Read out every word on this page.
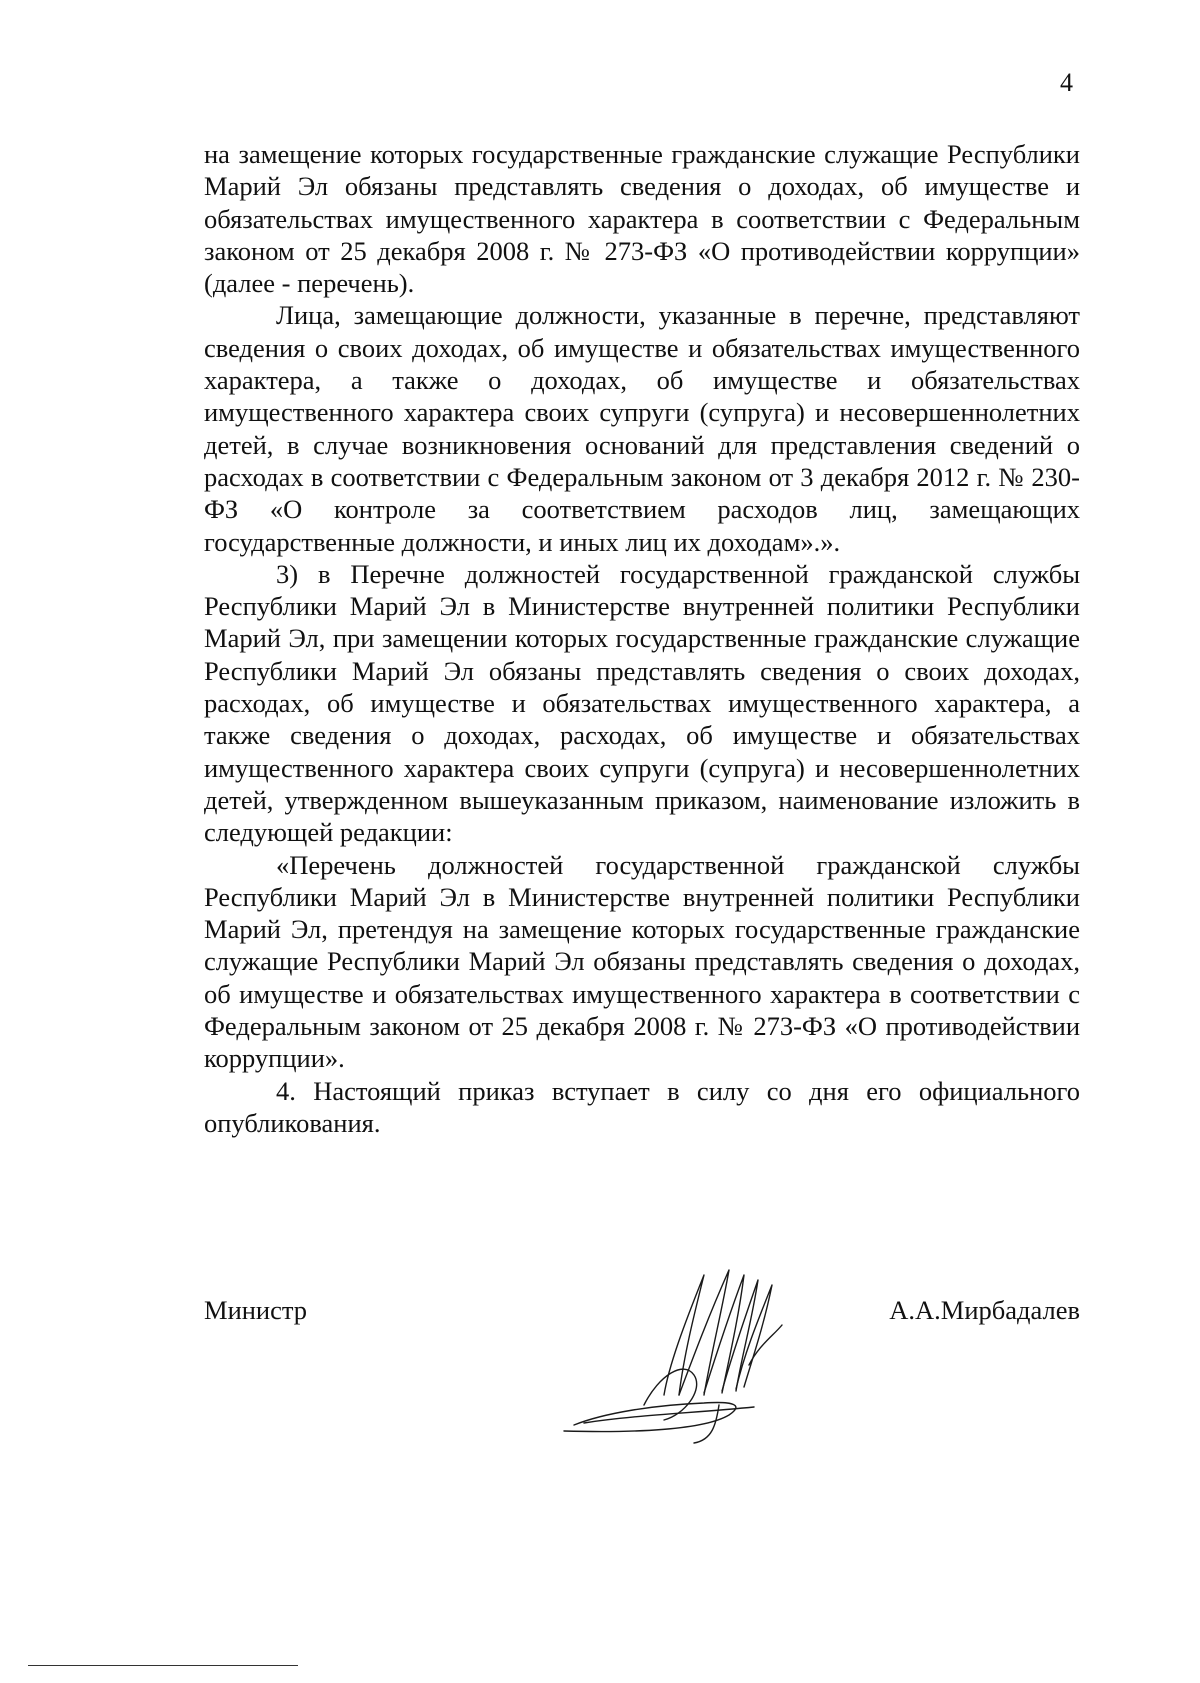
4

на замещение которых государственные гражданские служащие Республики Марий Эл обязаны представлять сведения о доходах, об имуществе и обязательствах имущественного характера в соответствии с Федеральным законом от 25 декабря 2008 г. № 273-ФЗ «О противодействии коррупции» (далее - перечень).

Лица, замещающие должности, указанные в перечне, представляют сведения о своих доходах, об имуществе и обязательствах имущественного характера, а также о доходах, об имуществе и обязательствах имущественного характера своих супруги (супруга) и несовершеннолетних детей, в случае возникновения оснований для представления сведений о расходах в соответствии с Федеральным законом от 3 декабря 2012 г. № 230-ФЗ «О контроле за соответствием расходов лиц, замещающих государственные должности, и иных лиц их доходам».».

3) в Перечне должностей государственной гражданской службы Республики Марий Эл в Министерстве внутренней политики Республики Марий Эл, при замещении которых государственные гражданские служащие Республики Марий Эл обязаны представлять сведения о своих доходах, расходах, об имуществе и обязательствах имущественного характера, а также сведения о доходах, расходах, об имуществе и обязательствах имущественного характера своих супруги (супруга) и несовершеннолетних детей, утвержденном вышеуказанным приказом, наименование изложить в следующей редакции:

«Перечень должностей государственной гражданской службы Республики Марий Эл в Министерстве внутренней политики Республики Марий Эл, претендуя на замещение которых государственные гражданские служащие Республики Марий Эл обязаны представлять сведения о доходах, об имуществе и обязательствах имущественного характера в соответствии с Федеральным законом от 25 декабря 2008 г. № 273-ФЗ «О противодействии коррупции».

4. Настоящий приказ вступает в силу со дня его официального опубликования.

Министр	А.А.Мирбадалев
